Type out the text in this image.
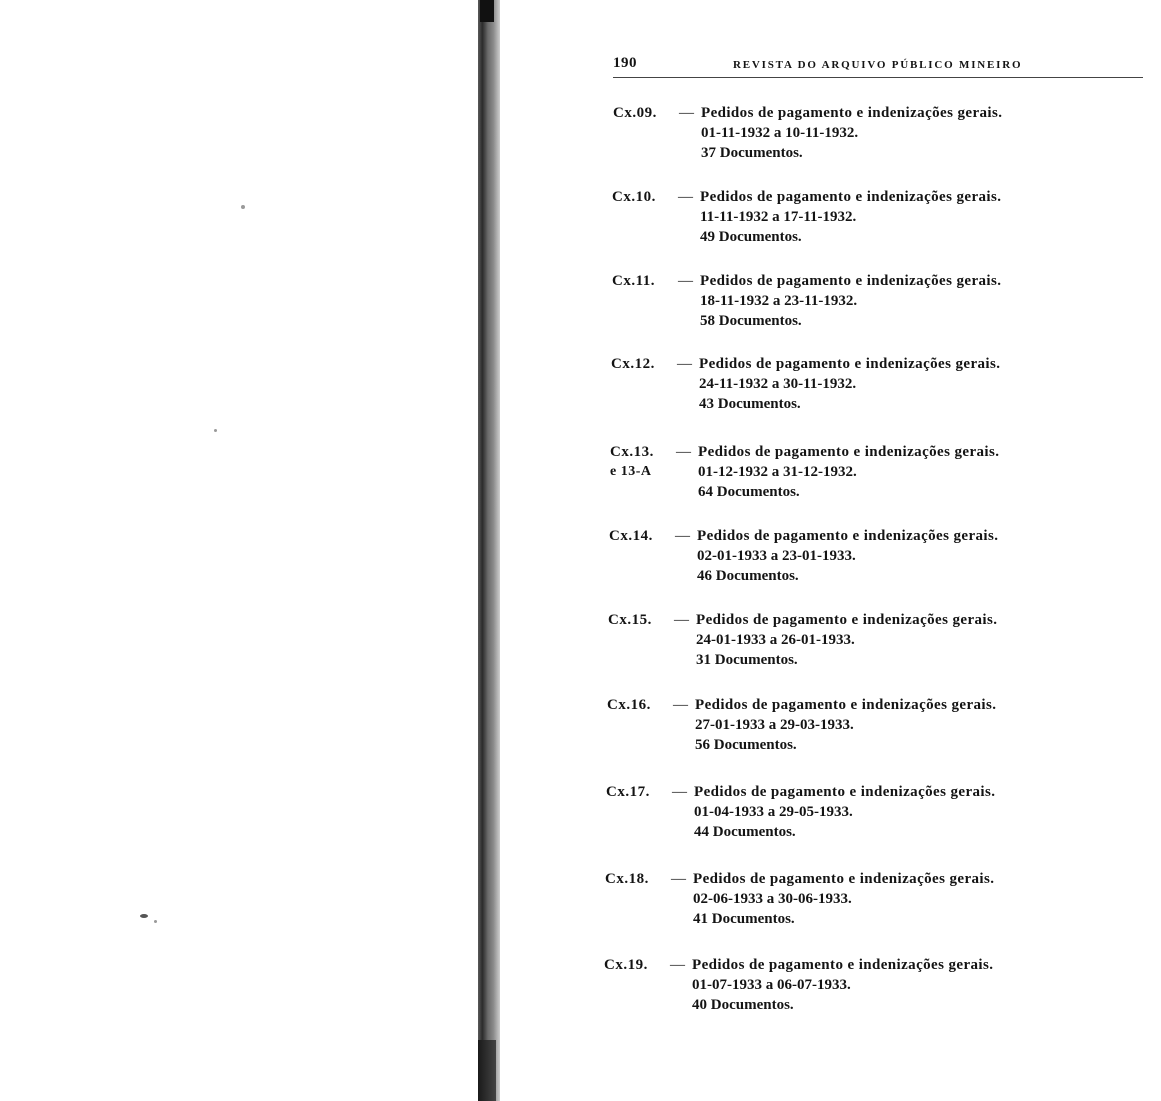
190	REVISTA DO ARQUIVO PÚBLICO MINEIRO
Cx.09.	— Pedidos de pagamento e indenizações gerais.
01-11-1932 a 10-11-1932.
37 Documentos.
Cx.10.	— Pedidos de pagamento e indenizações gerais.
11-11-1932 a 17-11-1932.
49 Documentos.
Cx.11.	— Pedidos de pagamento e indenizações gerais.
18-11-1932 a 23-11-1932.
58 Documentos.
Cx.12.	— Pedidos de pagamento e indenizações gerais.
24-11-1932 a 30-11-1932.
43 Documentos.
Cx.13.
e 13-A
— Pedidos de pagamento e indenizações gerais.
01-12-1932 a 31-12-1932.
64 Documentos.
Cx.14.	— Pedidos de pagamento e indenizações gerais.
02-01-1933 a 23-01-1933.
46 Documentos.
Cx.15.	— Pedidos de pagamento e indenizações gerais.
24-01-1933 a 26-01-1933.
31 Documentos.
Cx.16.	— Pedidos de pagamento e indenizações gerais.
27-01-1933 a 29-03-1933.
56 Documentos.
Cx.17.	— Pedidos de pagamento e indenizações gerais.
01-04-1933 a 29-05-1933.
44 Documentos.
Cx.18.	— Pedidos de pagamento e indenizações gerais.
02-06-1933 a 30-06-1933.
41 Documentos.
Cx.19.	— Pedidos de pagamento e indenizações gerais.
01-07-1933 a 06-07-1933.
40 Documentos.
